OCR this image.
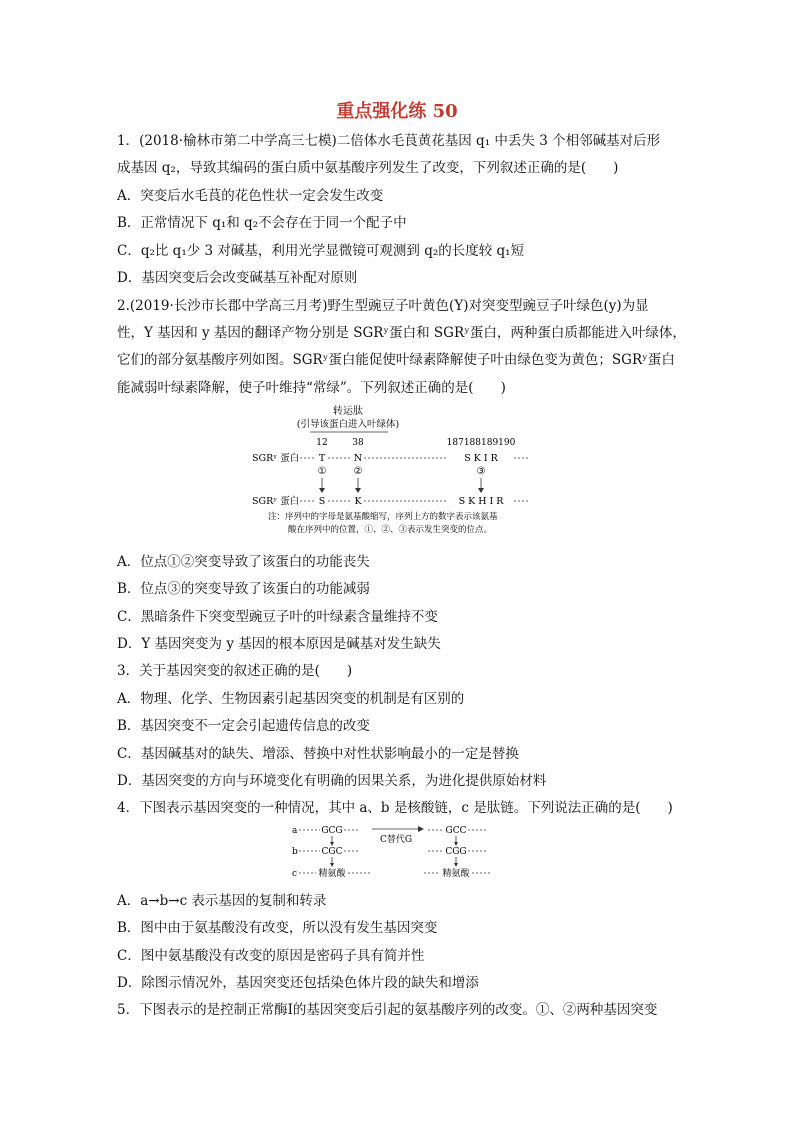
重点强化练 50
1．(2018·榆林市第二中学高三七模)二倍体水毛茛黄花基因 q₁ 中丢失 3 个相邻碱基对后形
成基因 q₂，导致其编码的蛋白质中氨基酸序列发生了改变，下列叙述正确的是(　　)
A．突变后水毛茛的花色性状一定会发生改变
B．正常情况下 q₁和 q₂不会存在于同一个配子中
C．q₂比 q₁少 3 对碱基，利用光学显微镜可观测到 q₂的长度较 q₁短
D．基因突变后会改变碱基互补配对原则
2.(2019·长沙市长郡中学高三月考)野生型豌豆子叶黄色(Y)对突变型豌豆子叶绿色(y)为显
性，Y 基因和 y 基因的翻译产物分别是 SGRʸ蛋白和 SGRʸ蛋白，两种蛋白质都能进入叶绿体，
它们的部分氨基酸序列如图。SGRʸ蛋白能促使叶绿素降解使子叶由绿色变为黄色；SGRʸ蛋白
能减弱叶绿素降解，使子叶维持“常绿”。下列叙述正确的是(　　)
转运肽
(引导该蛋白进入叶绿体)
12	38	187188189190
SGRʸ 蛋白 T	N	S K I R
①	②	③
SGRʸ 蛋白 S	K	S K H I R
注：序列中的字母是氨基酸缩写，序列上方的数字表示该氨基
酸在序列中的位置，①、②、③表示发生突变的位点。
A．位点①②突变导致了该蛋白的功能丧失
B．位点③的突变导致了该蛋白的功能减弱
C．黑暗条件下突变型豌豆子叶的叶绿素含量维持不变
D．Y 基因突变为 y 基因的根本原因是碱基对发生缺失
3．关于基因突变的叙述正确的是(　　)
A．物理、化学、生物因素引起基因突变的机制是有区别的
B．基因突变不一定会引起遗传信息的改变
C．基因碱基对的缺失、增添、替换中对性状影响最小的一定是替换
D．基因突变的方向与环境变化有明确的因果关系，为进化提供原始材料
4．下图表示基因突变的一种情况，其中 a、b 是核酸链，c 是肽链。下列说法正确的是(　　)
a	GCG
C替代G
GCC
b	CGC	CGG
c 精氨酸	精氨酸
A．a→b→c 表示基因的复制和转录
B．图中由于氨基酸没有改变，所以没有发生基因突变
C．图中氨基酸没有改变的原因是密码子具有简并性
D．除图示情况外，基因突变还包括染色体片段的缺失和增添
5．下图表示的是控制正常酶Ⅰ的基因突变后引起的氨基酸序列的改变。①、②两种基因突变
